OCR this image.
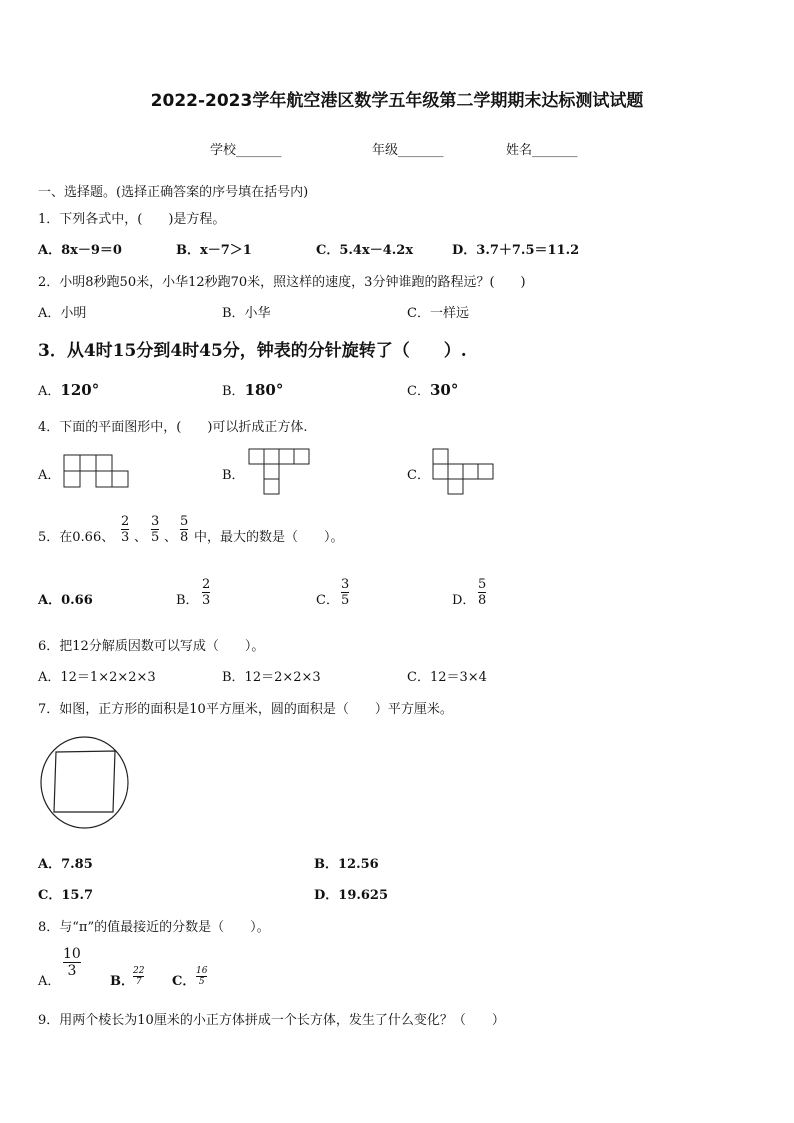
2022-2023学年航空港区数学五年级第二学期期末达标测试试题
学校_______	年级_______	姓名_______
一、选择题。(选择正确答案的序号填在括号内)
1．下列各式中，(　　)是方程。
A．8x－9＝0	B．x－7＞1	C．5.4x－4.2x	D．3.7＋7.5＝11.2
2．小明8秒跑50米，小华12秒跑70米，照这样的速度，3分钟谁跑的路程远？(　　)
A．小明	B．小华	C．一样远
3．从4时15分到4时45分，钟表的分针旋转了（　　）.
A．120°	B．180°	C．30°
4．下面的平面图形中，(　　)可以折成正方体.
A．	B．	C．
5．在0.66、
2
3 、
3
5 、
5
8 中，最大的数是（　　）。
A．0.66	B．
2
3	C．
3
5	D．
5
8
6．把12分解质因数可以写成（　　）。
A．12＝1×2×2×3	B．12＝2×2×3	C．12＝3×4
7．如图，正方形的面积是10平方厘米，圆的面积是（　　）平方厘米。
A．7.85	B．12.56
C．15.7	D．19.625
8．与“π”的值最接近的分数是（　　）。
A．
10
3
B．
22
7 C．
16
5
9．用两个棱长为10厘米的小正方体拼成一个长方体，发生了什么变化？（　　）
